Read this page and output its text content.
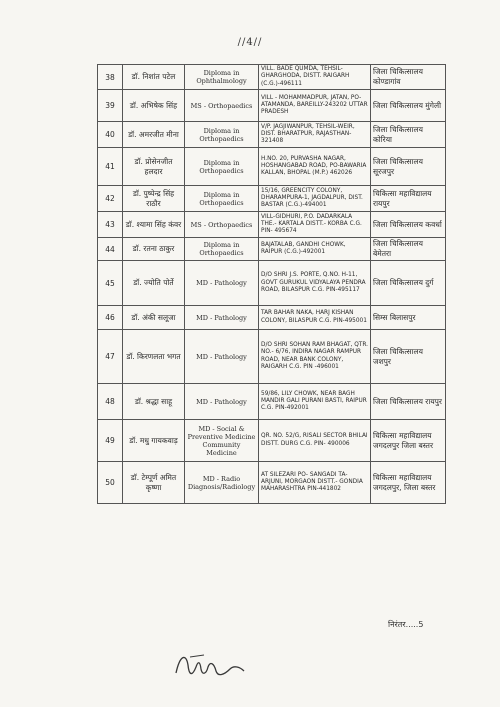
//4//
38	डॉ. निशांत पटेल	Diploma in Ophthalmology	VILL. BADE QUMDA, TEHSIL-GHARGHODA, DISTT. RAIGARH (C.G.)-496111	जिला चिकित्सालय कोण्डागांव
39	डॉ. अभिषेक सिंह	MS - Orthopaedics	VILL - MOHAMMADPUR, JATAN, PO-ATAMANDA, BAREILLY-243202 UTTAR PRADESH	जिला चिकित्सालय मुंगेली
40	डॉ. अमरजीत मीना	Diploma in Orthopaedics	V/P. JAGJIWANPUR, TEHSIL-WEIR, DIST. BHARATPUR, RAJASTHAN- 321408	जिला चिकित्सालय कोरिया
41	डॉ. प्रोसेनजीत हलदार	Diploma in Orthopaedics	H.NO. 20, PURVASHA NAGAR, HOSHANGABAD ROAD, PO-BAWARIA KALLAN, BHOPAL (M.P.) 462026	जिला चिकित्सालय सूरजपुर
42	डॉ. पुष्पेन्द्र सिंह राठौर	Diploma in Orthopaedics	15/16, GREENCITY COLONY, DHARAMPURA-1, JAGDALPUR, DIST. BASTAR (C.G.)-494001	चिकित्सा महाविद्यालय रायपुर
43	डॉ. श्यामा सिंह कंवर	MS - Orthopaedics	VILL-GIDHURI, P.O. DADARKALA THE.- KARTALA DISTT.- KORBA C.G. PIN- 495674	जिला चिकित्सालय कवर्धा
44	डॉ. रतना ठाकुर	Diploma in Orthopaedics	BAJATALAB, GANDHI CHOWK, RAIPUR (C.G.)-492001	जिला चिकित्सालय बेमेतरा
45	डॉ. ज्योति पोर्ते	MD - Pathology	D/O SHRI J.S. PORTE, Q.NO. H-11, GOVT GURUKUL VIDYALAYA PENDRA ROAD, BILASPUR C.G. PIN-495117	जिला चिकित्सालय दुर्ग
46	डॉ. अंकी सलूजा	MD - Pathology	TAR BAHAR NAKA, HARJ KISHAN COLONY, BILASPUR C.G. PIN-495001	सिम्स बिलासपुर
47	डॉ. किरणलता भगत	MD - Pathology	D/O SHRI SOHAN RAM BHAGAT, QTR. NO.- 6/76, INDIRA NAGAR RAMPUR ROAD, NEAR BANK COLONY, RAIGARH C.G. PIN -496001	जिला चिकित्सालय जशपुर
48	डॉ. श्रद्धा साहू	MD - Pathology	59/86, LILY CHOWK, NEAR BAGH MANDIR GALI PURANI BASTI, RAIPUR C.G. PIN-492001	जिला चिकित्सालय रायपुर
49	डॉ. मधु गायकवाड़	MD - Social & Preventive Medicine Community Medicine	QR. NO. 52/G, RISALI SECTOR BHILAI DISTT. DURG C.G. PIN- 490006	चिकित्सा महाविद्यालय जगदलपुर जिला बस्तर
50	डॉ. टेम्पूर्ण अमित कृष्णा	MD - Radio Diagnosis/Radiology	AT SILEZARI PO- SANGADI TA- ARJUNI, MORGAON DISTT.- GONDIA MAHARASHTRA PIN-441802	चिकित्सा महाविद्यालय जगदलपुर, जिला बस्तर
निरंतर.....5
